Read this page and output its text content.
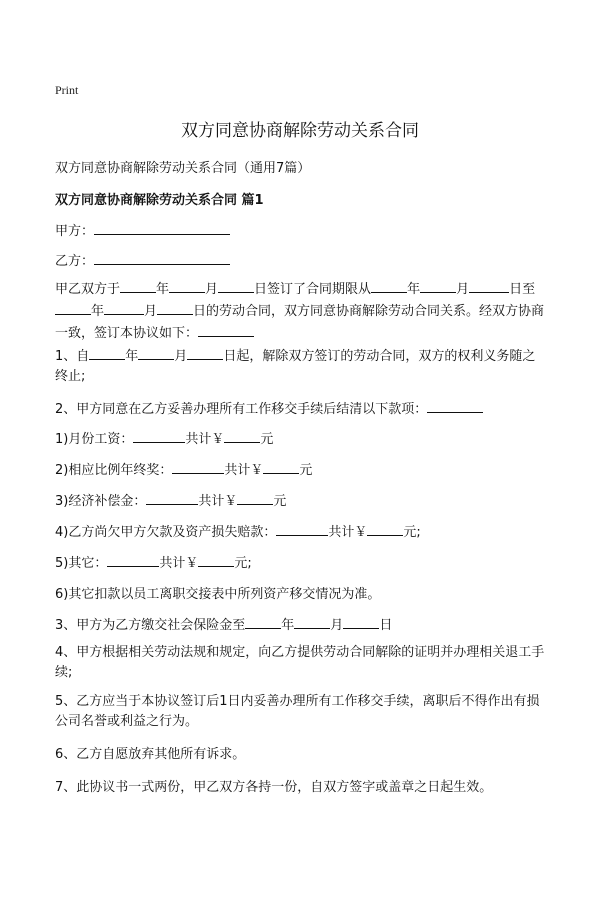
Print
双方同意协商解除劳动关系合同
双方同意协商解除劳动关系合同（通用7篇）
双方同意协商解除劳动关系合同 篇1
甲方：
乙方：
甲乙双方于	年	月	日签订了合同期限从	年	月	日至年	月	日的劳动合同，双方同意协商解除劳动合同关系。经双方协商一致，签订本协议如下：
1、自	年	月	日起，解除双方签订的劳动合同，双方的权利义务随之终止;
2、甲方同意在乙方妥善办理所有工作移交手续后结清以下款项：
1)月份工资：	共计￥	元
2)相应比例年终奖：	共计￥	元
3)经济补偿金：	共计￥	元
4)乙方尚欠甲方欠款及资产损失赔款：	共计￥	元;
5)其它：	共计￥	元;
6)其它扣款以员工离职交接表中所列资产移交情况为准。
3、甲方为乙方缴交社会保险金至	年	月	日
4、甲方根据相关劳动法规和规定，向乙方提供劳动合同解除的证明并办理相关退工手续;
5、乙方应当于本协议签订后1日内妥善办理所有工作移交手续，离职后不得作出有损公司名誉或利益之行为。
6、乙方自愿放弃其他所有诉求。
7、此协议书一式两份，甲乙双方各持一份，自双方签字或盖章之日起生效。
